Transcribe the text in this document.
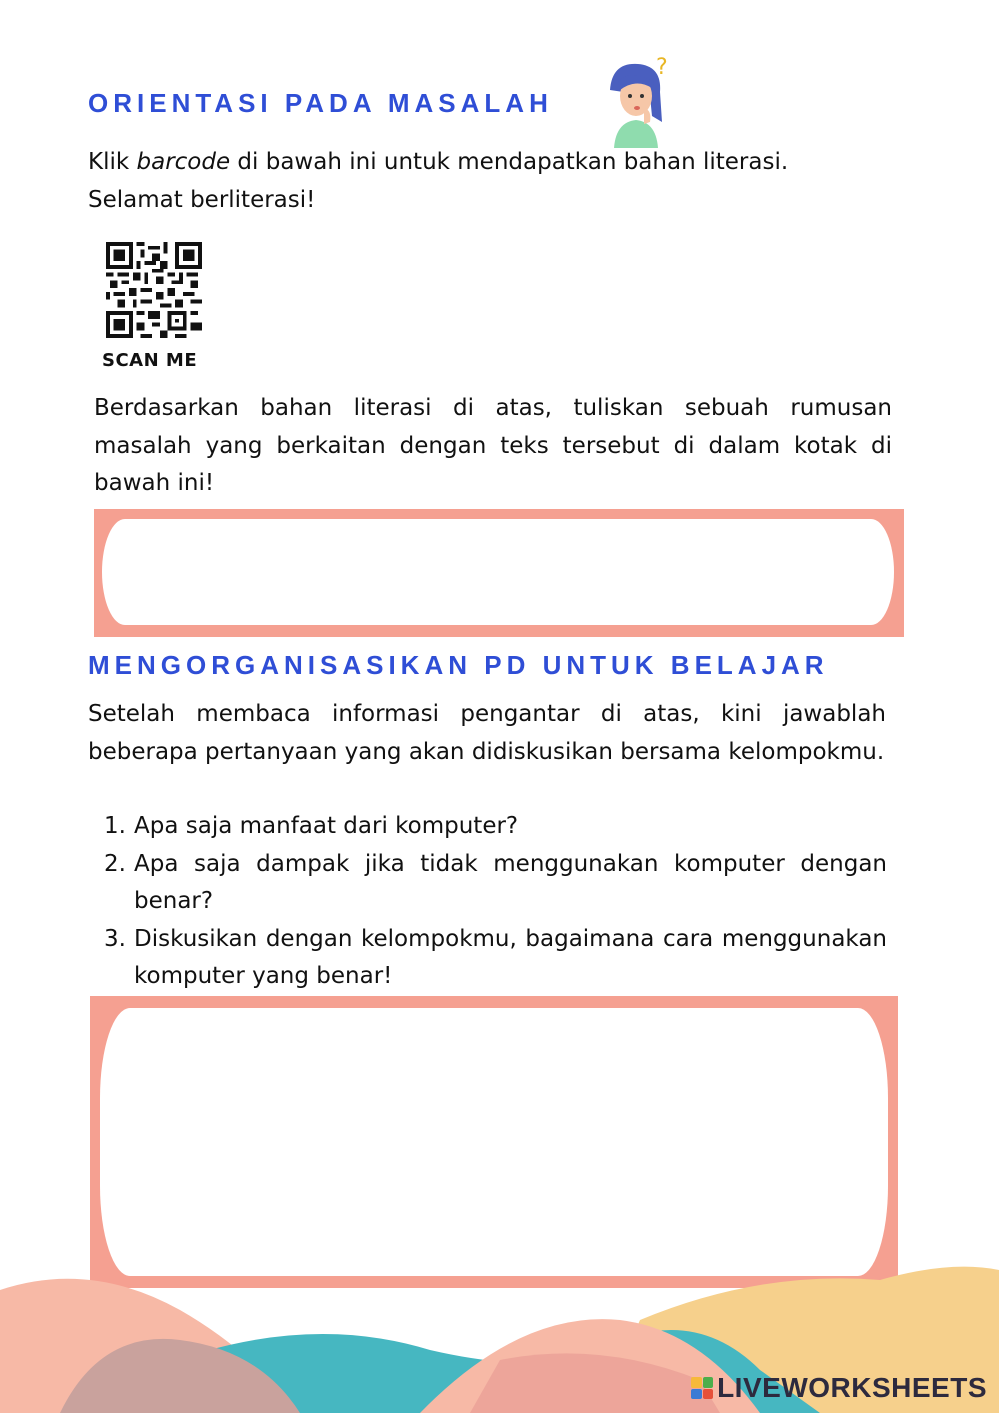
ORIENTASI PADA MASALAH
?

Klik barcode di bawah ini untuk mendapatkan bahan literasi.
Selamat berliterasi!

SCAN ME

Berdasarkan bahan literasi di atas, tuliskan sebuah rumusan masalah yang berkaitan dengan teks tersebut di dalam kotak di bawah ini!

MENGORGANISASIKAN PD UNTUK BELAJAR

Setelah membaca informasi pengantar di atas, kini jawablah beberapa pertanyaan yang akan didiskusikan bersama kelompokmu.

1. Apa saja manfaat dari komputer?
2. Apa saja dampak jika tidak menggunakan komputer dengan benar?
3. Diskusikan dengan kelompokmu, bagaimana cara menggunakan komputer yang benar!
LIVEWORKSHEETS
